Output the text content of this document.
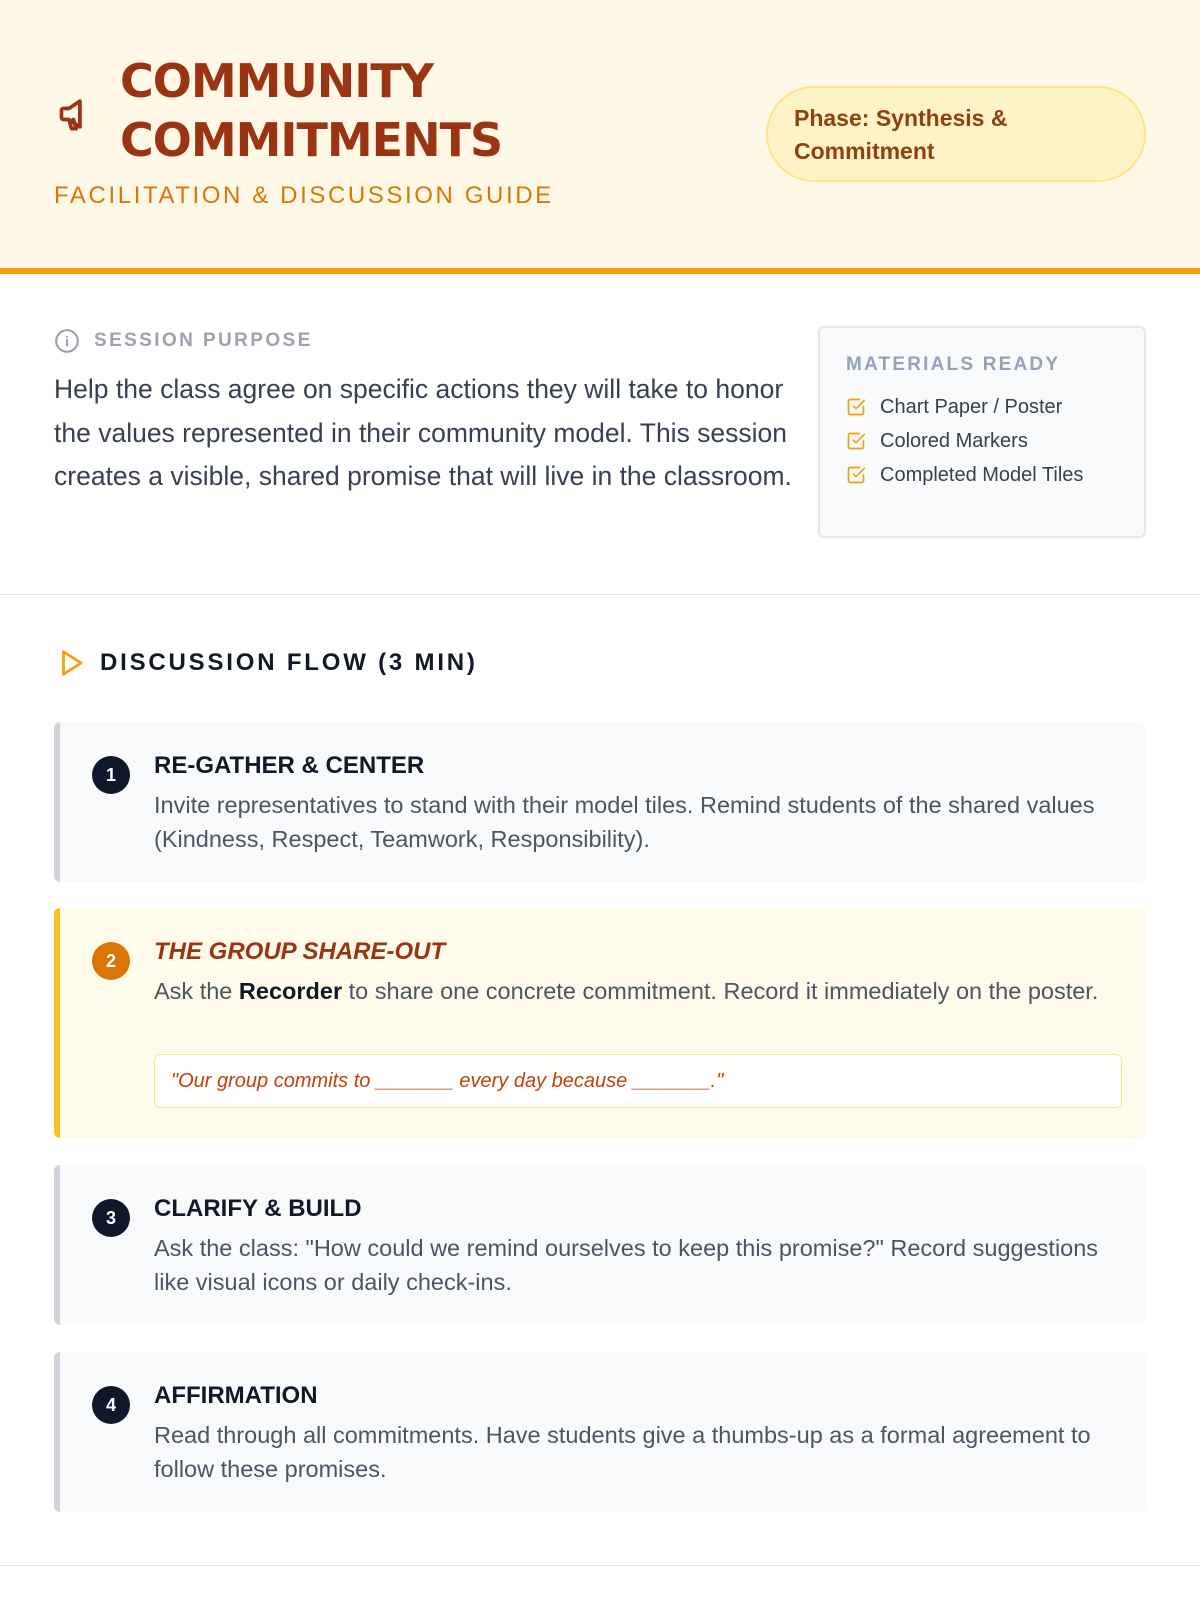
COMMUNITY
COMMITMENTS
FACILITATION & DISCUSSION GUIDE
Phase: Synthesis & Commitment
SESSION PURPOSE
Help the class agree on specific actions they will take to honor the values represented in their community model. This session creates a visible, shared promise that will live in the classroom.
MATERIALS READY
Chart Paper / Poster
Colored Markers
Completed Model Tiles
DISCUSSION FLOW (3 MIN)
1	RE-GATHER & CENTER
Invite representatives to stand with their model tiles. Remind students of the shared values (Kindness, Respect, Teamwork, Responsibility).
2	THE GROUP SHARE-OUT
Ask the Recorder to share one concrete commitment. Record it immediately on the poster.
"Our group commits to _______ every day because _______."
3	CLARIFY & BUILD
Ask the class: "How could we remind ourselves to keep this promise?" Record suggestions like visual icons or daily check-ins.
4	AFFIRMATION
Read through all commitments. Have students give a thumbs-up as a formal agreement to follow these promises.
